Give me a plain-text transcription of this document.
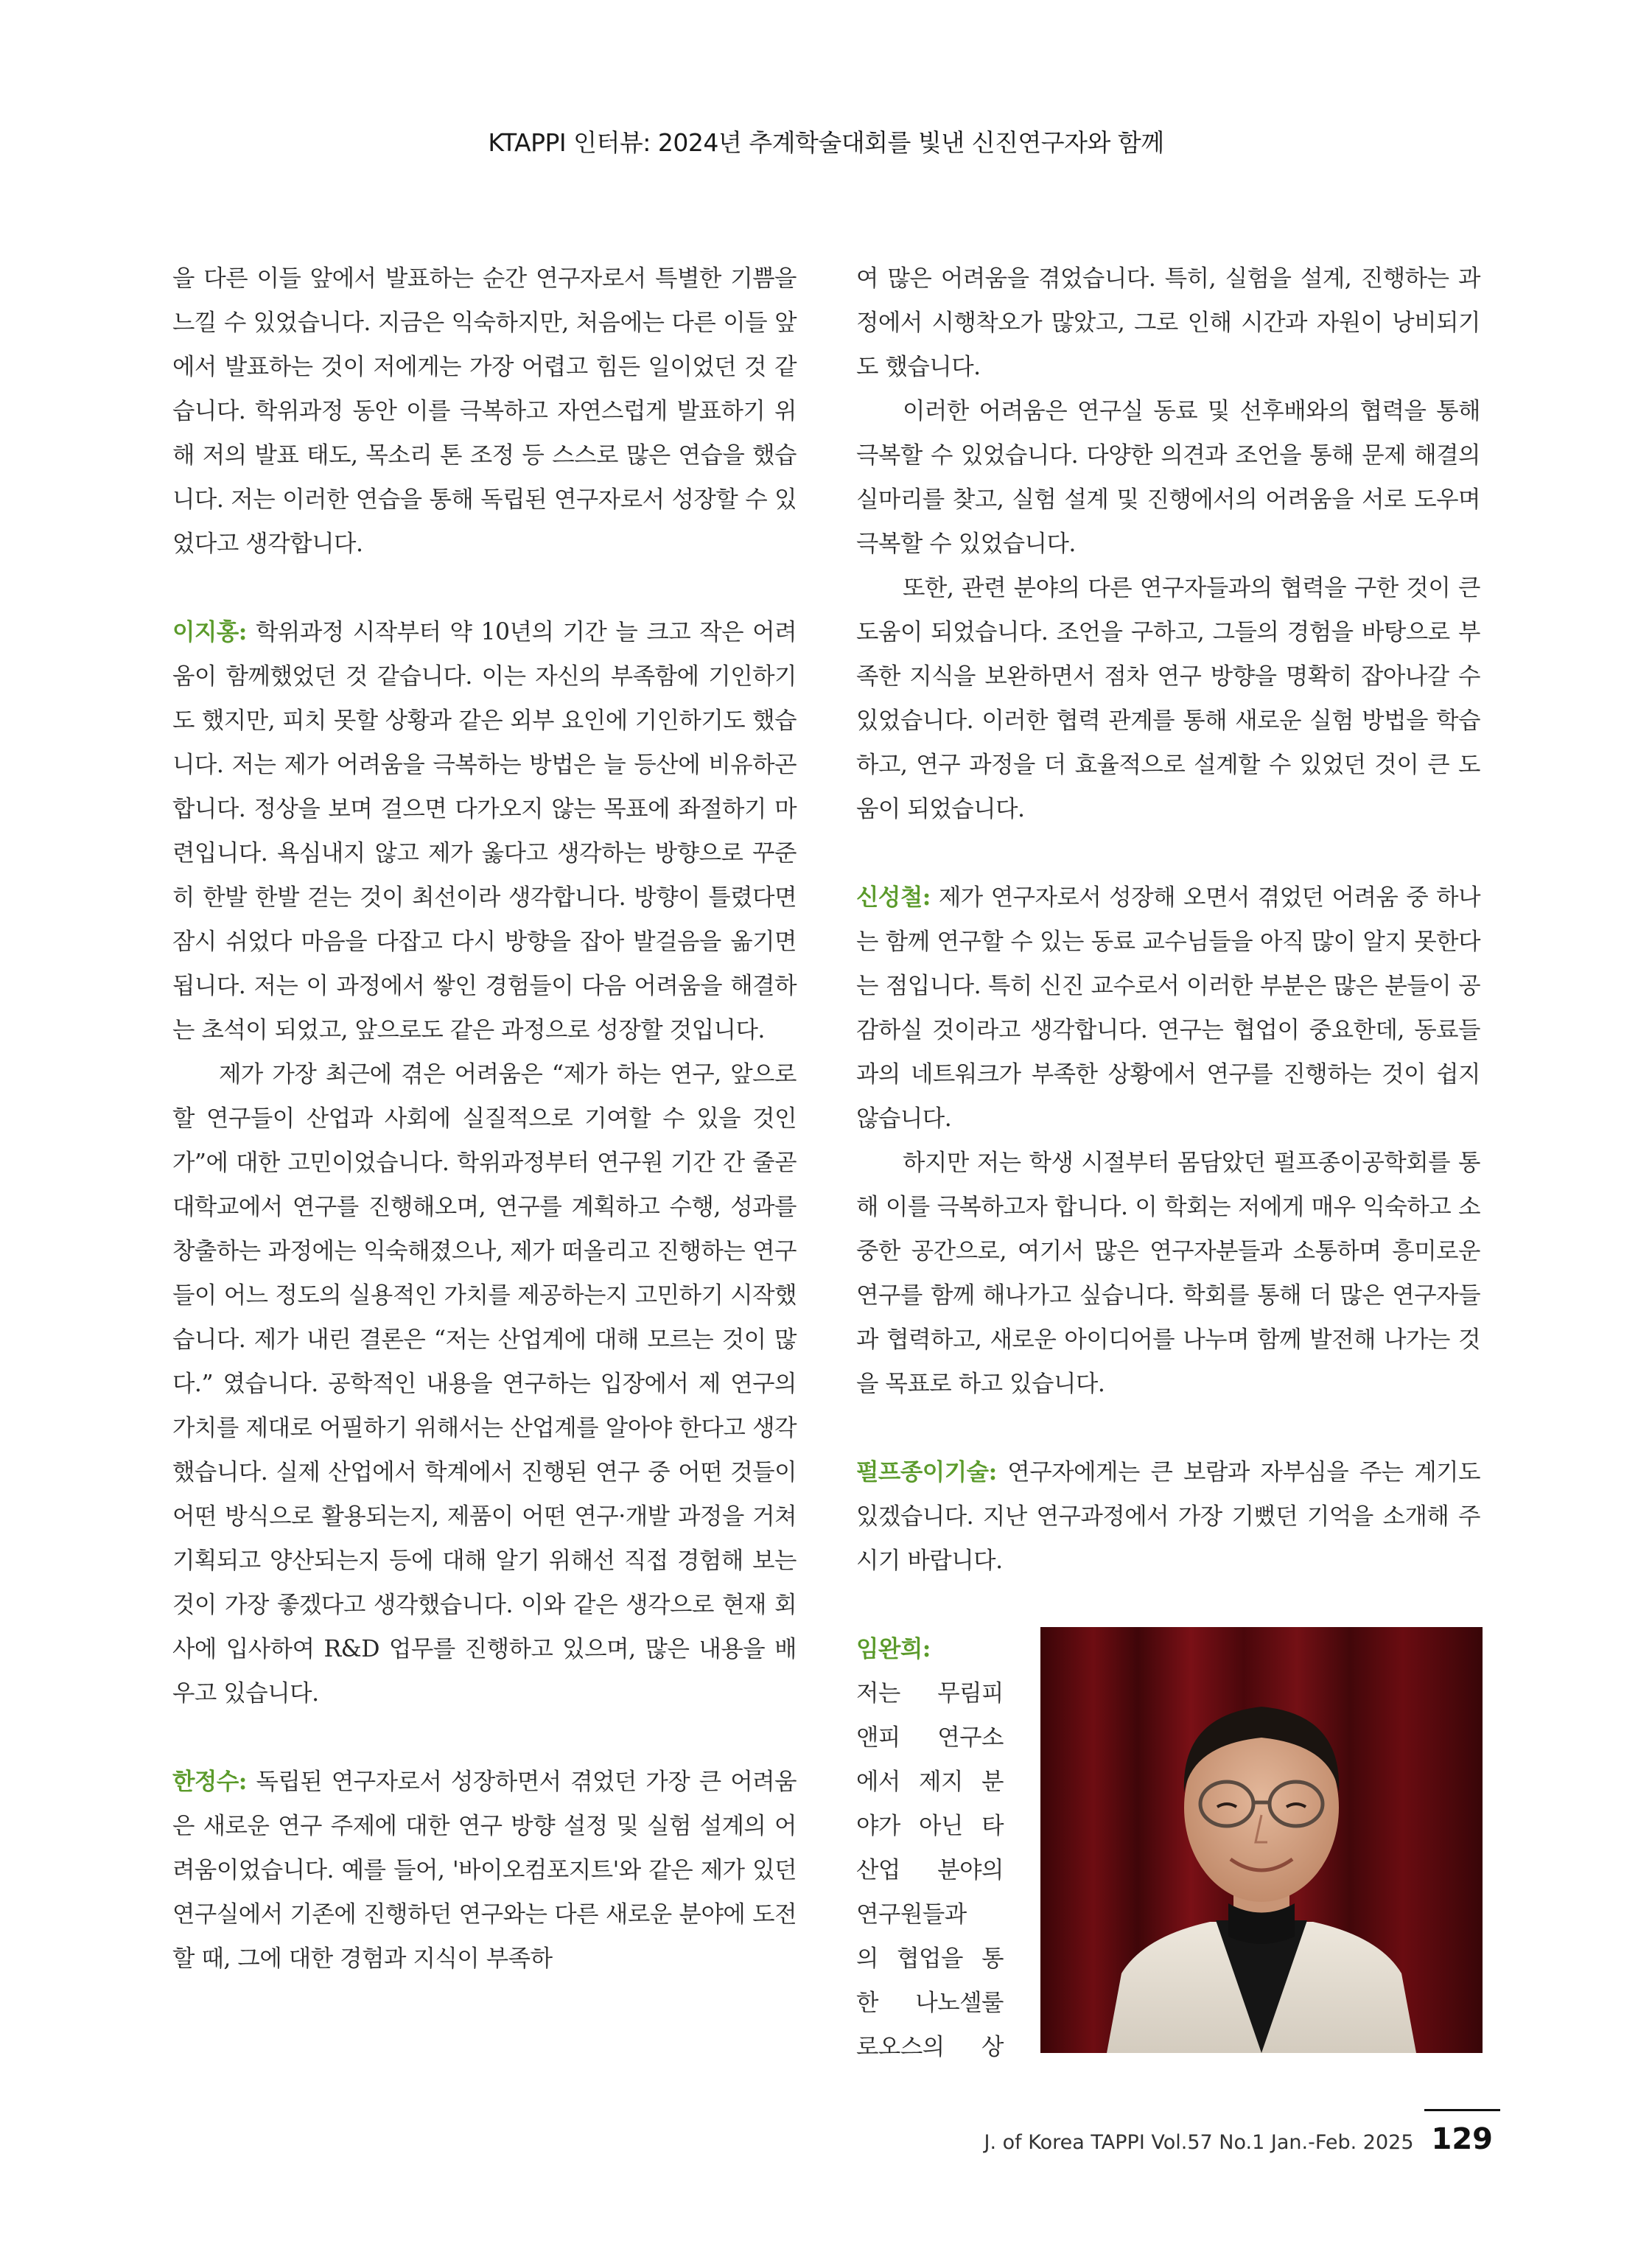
KTAPPI 인터뷰: 2024년 추계학술대회를 빛낸 신진연구자와 함께

을 다른 이들 앞에서 발표하는 순간 연구자로서 특별한 기쁨을 느낄 수 있었습니다. 지금은 익숙하지만, 처음에는 다른 이들 앞에서 발표하는 것이 저에게는 가장 어렵고 힘든 일이었던 것 같습니다. 학위과정 동안 이를 극복하고 자연스럽게 발표하기 위해 저의 발표 태도, 목소리 톤 조정 등 스스로 많은 연습을 했습니다. 저는 이러한 연습을 통해 독립된 연구자로서 성장할 수 있었다고 생각합니다.

이지홍: 학위과정 시작부터 약 10년의 기간 늘 크고 작은 어려움이 함께했었던 것 같습니다. 이는 자신의 부족함에 기인하기도 했지만, 피치 못할 상황과 같은 외부 요인에 기인하기도 했습니다. 저는 제가 어려움을 극복하는 방법은 늘 등산에 비유하곤 합니다. 정상을 보며 걸으면 다가오지 않는 목표에 좌절하기 마련입니다. 욕심내지 않고 제가 옳다고 생각하는 방향으로 꾸준히 한발 한발 걷는 것이 최선이라 생각합니다. 방향이 틀렸다면 잠시 쉬었다 마음을 다잡고 다시 방향을 잡아 발걸음을 옮기면 됩니다. 저는 이 과정에서 쌓인 경험들이 다음 어려움을 해결하는 초석이 되었고, 앞으로도 같은 과정으로 성장할 것입니다.

제가 가장 최근에 겪은 어려움은 “제가 하는 연구, 앞으로 할 연구들이 산업과 사회에 실질적으로 기여할 수 있을 것인가”에 대한 고민이었습니다. 학위과정부터 연구원 기간 간 줄곧 대학교에서 연구를 진행해오며, 연구를 계획하고 수행, 성과를 창출하는 과정에는 익숙해졌으나, 제가 떠올리고 진행하는 연구들이 어느 정도의 실용적인 가치를 제공하는지 고민하기 시작했습니다. 제가 내린 결론은 “저는 산업계에 대해 모르는 것이 많다.” 였습니다. 공학적인 내용을 연구하는 입장에서 제 연구의 가치를 제대로 어필하기 위해서는 산업계를 알아야 한다고 생각했습니다. 실제 산업에서 학계에서 진행된 연구 중 어떤 것들이 어떤 방식으로 활용되는지, 제품이 어떤 연구·개발 과정을 거쳐 기획되고 양산되는지 등에 대해 알기 위해선 직접 경험해 보는 것이 가장 좋겠다고 생각했습니다. 이와 같은 생각으로 현재 회사에 입사하여 R&D 업무를 진행하고 있으며, 많은 내용을 배우고 있습니다.

한정수: 독립된 연구자로서 성장하면서 겪었던 가장 큰 어려움은 새로운 연구 주제에 대한 연구 방향 설정 및 실험 설계의 어려움이었습니다. 예를 들어, '바이오컴포지트'와 같은 제가 있던 연구실에서 기존에 진행하던 연구와는 다른 새로운 분야에 도전할 때, 그에 대한 경험과 지식이 부족하

여 많은 어려움을 겪었습니다. 특히, 실험을 설계, 진행하는 과정에서 시행착오가 많았고, 그로 인해 시간과 자원이 낭비되기도 했습니다.

이러한 어려움은 연구실 동료 및 선후배와의 협력을 통해 극복할 수 있었습니다. 다양한 의견과 조언을 통해 문제 해결의 실마리를 찾고, 실험 설계 및 진행에서의 어려움을 서로 도우며 극복할 수 있었습니다.

또한, 관련 분야의 다른 연구자들과의 협력을 구한 것이 큰 도움이 되었습니다. 조언을 구하고, 그들의 경험을 바탕으로 부족한 지식을 보완하면서 점차 연구 방향을 명확히 잡아나갈 수 있었습니다. 이러한 협력 관계를 통해 새로운 실험 방법을 학습하고, 연구 과정을 더 효율적으로 설계할 수 있었던 것이 큰 도움이 되었습니다.

신성철: 제가 연구자로서 성장해 오면서 겪었던 어려움 중 하나는 함께 연구할 수 있는 동료 교수님들을 아직 많이 알지 못한다는 점입니다. 특히 신진 교수로서 이러한 부분은 많은 분들이 공감하실 것이라고 생각합니다. 연구는 협업이 중요한데, 동료들과의 네트워크가 부족한 상황에서 연구를 진행하는 것이 쉽지 않습니다.

하지만 저는 학생 시절부터 몸담았던 펄프종이공학회를 통해 이를 극복하고자 합니다. 이 학회는 저에게 매우 익숙하고 소중한 공간으로, 여기서 많은 연구자분들과 소통하며 흥미로운 연구를 함께 해나가고 싶습니다. 학회를 통해 더 많은 연구자들과 협력하고, 새로운 아이디어를 나누며 함께 발전해 나가는 것을 목표로 하고 있습니다.

펄프종이기술: 연구자에게는 큰 보람과 자부심을 주는 계기도 있겠습니다. 지난 연구과정에서 가장 기뻤던 기억을 소개해 주시기 바랍니다.

임완희:
저는 무림피
앤피 연구소
에서 제지 분
야가 아닌 타
산업 분야의
연구원들과
의 협업을 통
한 나노셀룰
로오스의 상
J. of Korea TAPPI Vol.57 No.1 Jan.-Feb. 2025 129
